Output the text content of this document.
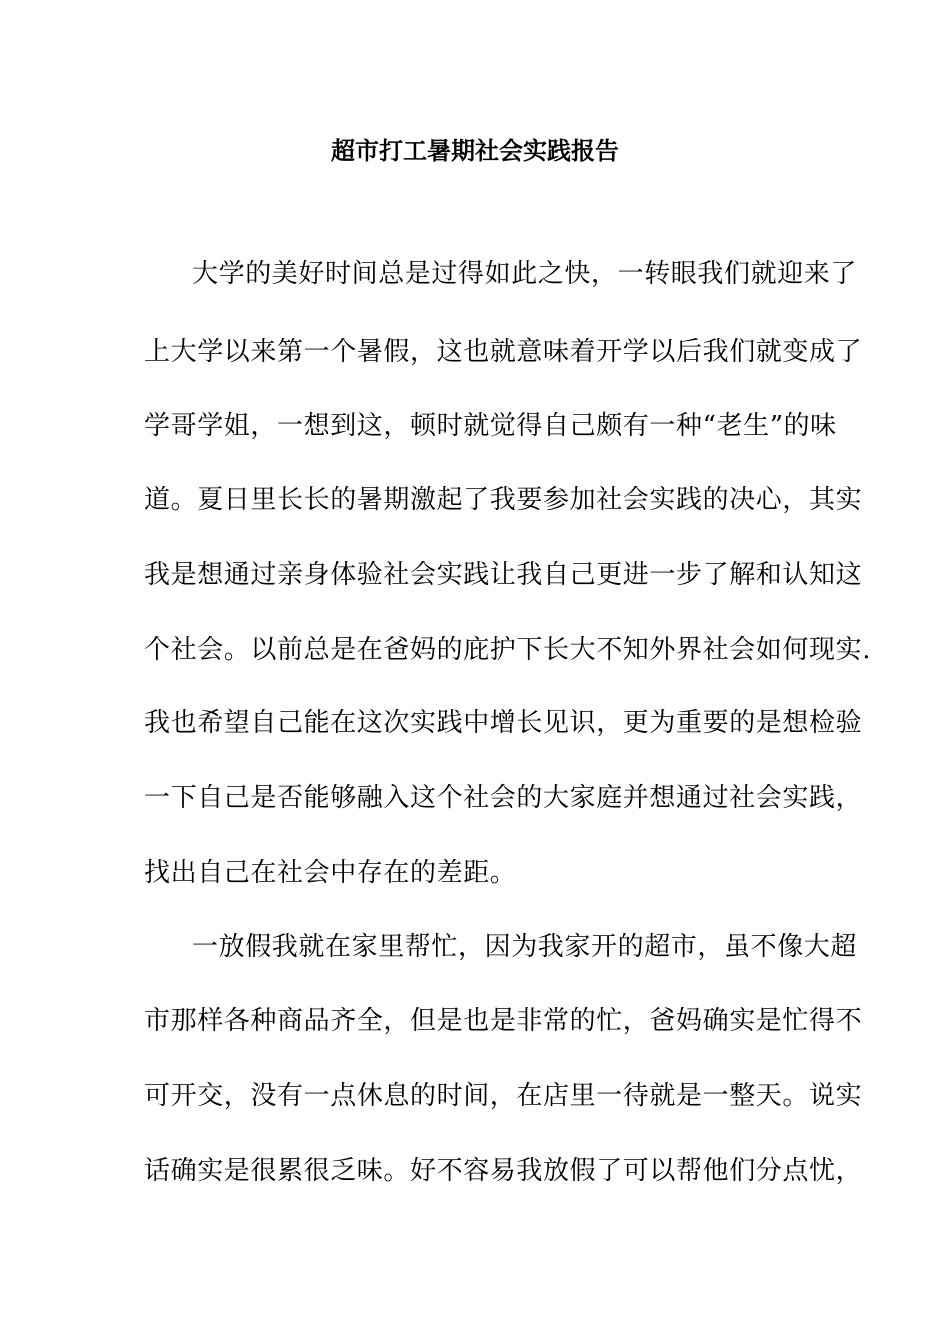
超市打工暑期社会实践报告
大学的美好时间总是过得如此之快，一转眼我们就迎来了
上大学以来第一个暑假，这也就意味着开学以后我们就变成了
学哥学姐，一想到这，顿时就觉得自己颇有一种“老生”的味
道。夏日里长长的暑期激起了我要参加社会实践的决心，其实
我是想通过亲身体验社会实践让我自己更进一步了解和认知这
个社会。以前总是在爸妈的庇护下长大不知外界社会如何现实.
我也希望自己能在这次实践中增长见识，更为重要的是想检验
一下自己是否能够融入这个社会的大家庭并想通过社会实践，
找出自己在社会中存在的差距。
一放假我就在家里帮忙，因为我家开的超市，虽不像大超
市那样各种商品齐全，但是也是非常的忙，爸妈确实是忙得不
可开交，没有一点休息的时间，在店里一待就是一整天。说实
话确实是很累很乏味。好不容易我放假了可以帮他们分点忧，
